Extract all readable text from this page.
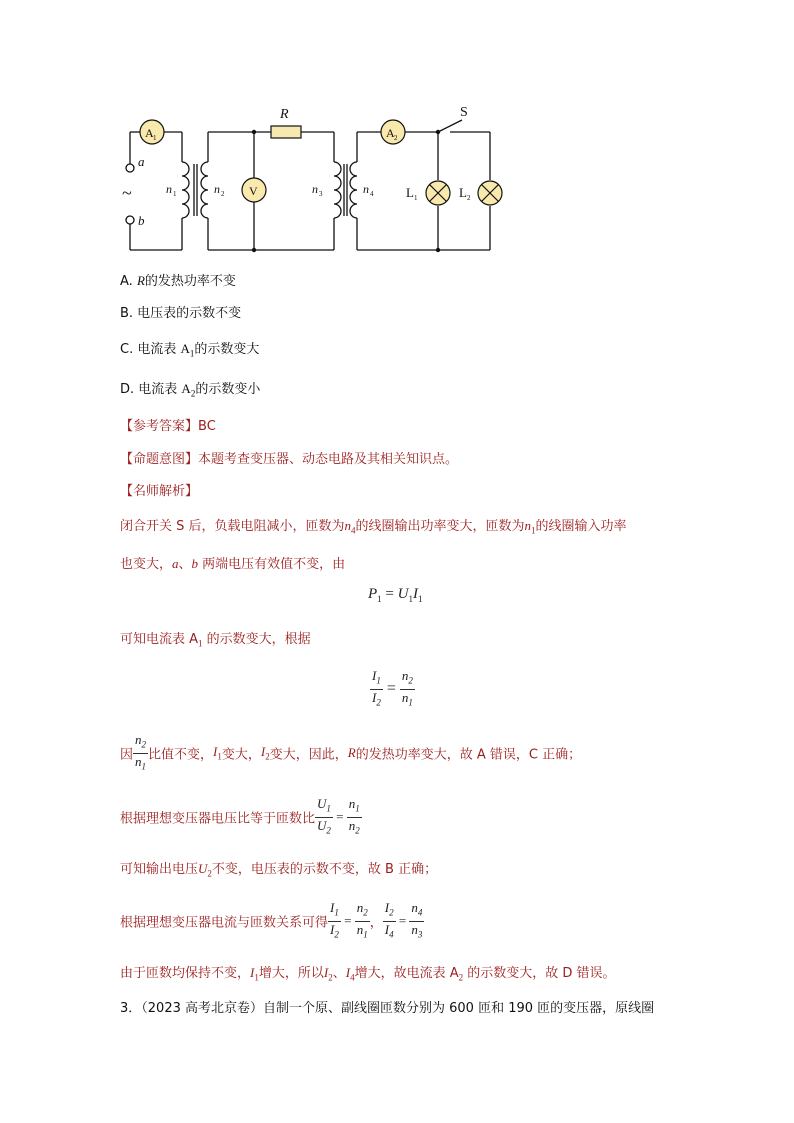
R	S
A 1	A 2
V
a
b
~	n 1	n 2	n 3	n 4	L 1	L 2
A. R的发热功率不变
B. 电压表的示数不变
C. 电流表 $A_1$的示数变大
D. 电流表 $A_2$的示数变小
【参考答案】BC
【命题意图】本题考查变压器、动态电路及其相关知识点。
【名师解析】
闭合开关 S 后，负载电阻减小，匝数为$n_4$的线圈输出功率变大，匝数为$n_1$的线圈输入功率
也变大，a、b 两端电压有效值不变，由
$P_1 = U_1I_1$
可知电流表 $A_1$ 的示数变大，根据
$\frac{I_1}{I_2} = \frac{n_2}{n_1}$
因 $\frac{n_2}{n_1}$ 比值不变，$I_1$变大，$I_2$变大，因此，R的发热功率变大，故 A 错误，C 正确；
根据理想变压器电压比等于匝数比 $\frac{U_1}{U_2} = \frac{n_1}{n_2}$
可知输出电压$U_2$不变，电压表的示数不变，故 B 正确；
根据理想变压器电流与匝数关系可得 $\frac{I_1}{I_2} = \frac{n_2}{n_1}$ ， $\frac{I_2}{I_4} = \frac{n_4}{n_3}$
由于匝数均保持不变，$I_1$增大，所以$I_2$、$I_4$增大，故电流表 $A_2$ 的示数变大，故 D 错误。
3．（2023 高考北京卷）自制一个原、副线圈匝数分别为 600 匝和 190 匝的变压器，原线圈
